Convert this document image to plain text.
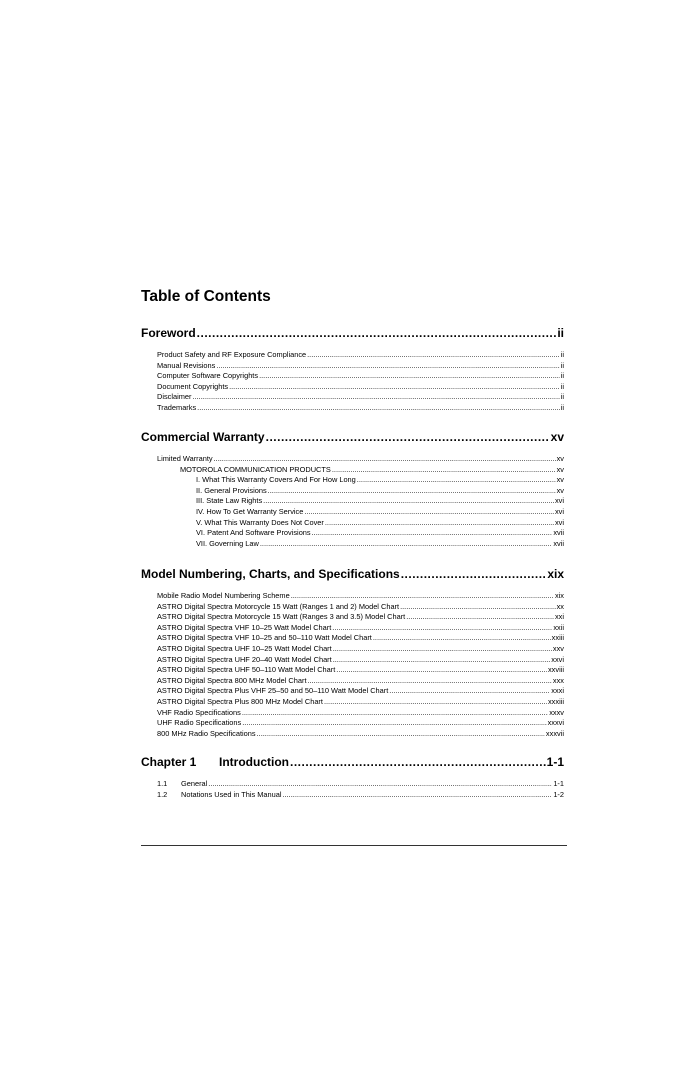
Table of Contents
Foreword .....	ii
Product Safety and RF Exposure Compliance .....	ii
Manual Revisions .....	ii
Computer Software Copyrights .....	ii
Document Copyrights .....	ii
Disclaimer .....	ii
Trademarks .....	ii
Commercial Warranty .....	xv
Limited Warranty .....	xv
MOTOROLA COMMUNICATION PRODUCTS .....	xv
I. What This Warranty Covers And For How Long .....	xv
II. General Provisions .....	xv
III. State Law Rights .....	xvi
IV. How To Get Warranty Service .....	xvi
V. What This Warranty Does Not Cover .....	xvi
VI. Patent And Software Provisions .....	xvii
VII. Governing Law .....	xvii
Model Numbering, Charts, and Specifications .....	xix
Mobile Radio Model Numbering Scheme .....	xix
ASTRO Digital Spectra Motorcycle 15 Watt (Ranges 1 and 2) Model Chart .....	xx
ASTRO Digital Spectra Motorcycle 15 Watt (Ranges 3 and 3.5) Model Chart .....	xxi
ASTRO Digital Spectra VHF 10–25 Watt Model Chart .....	xxii
ASTRO Digital Spectra VHF 10–25 and 50–110 Watt Model Chart .....	xxiii
ASTRO Digital Spectra UHF 10–25 Watt Model Chart .....	xxv
ASTRO Digital Spectra UHF 20–40 Watt Model Chart .....	xxvi
ASTRO Digital Spectra UHF 50–110 Watt Model Chart .....	xxviii
ASTRO Digital Spectra 800 MHz Model Chart .....	xxx
ASTRO Digital Spectra Plus VHF 25–50 and 50–110 Watt Model Chart .....	xxxi
ASTRO Digital Spectra Plus 800 MHz Model Chart .....	xxxiii
VHF Radio Specifications .....	xxxv
UHF Radio Specifications .....	xxxvi
800 MHz Radio Specifications .....	xxxvii
Chapter 1 Introduction .....	1-1
1.1 General .....	1-1
1.2 Notations Used in This Manual .....	1-2
